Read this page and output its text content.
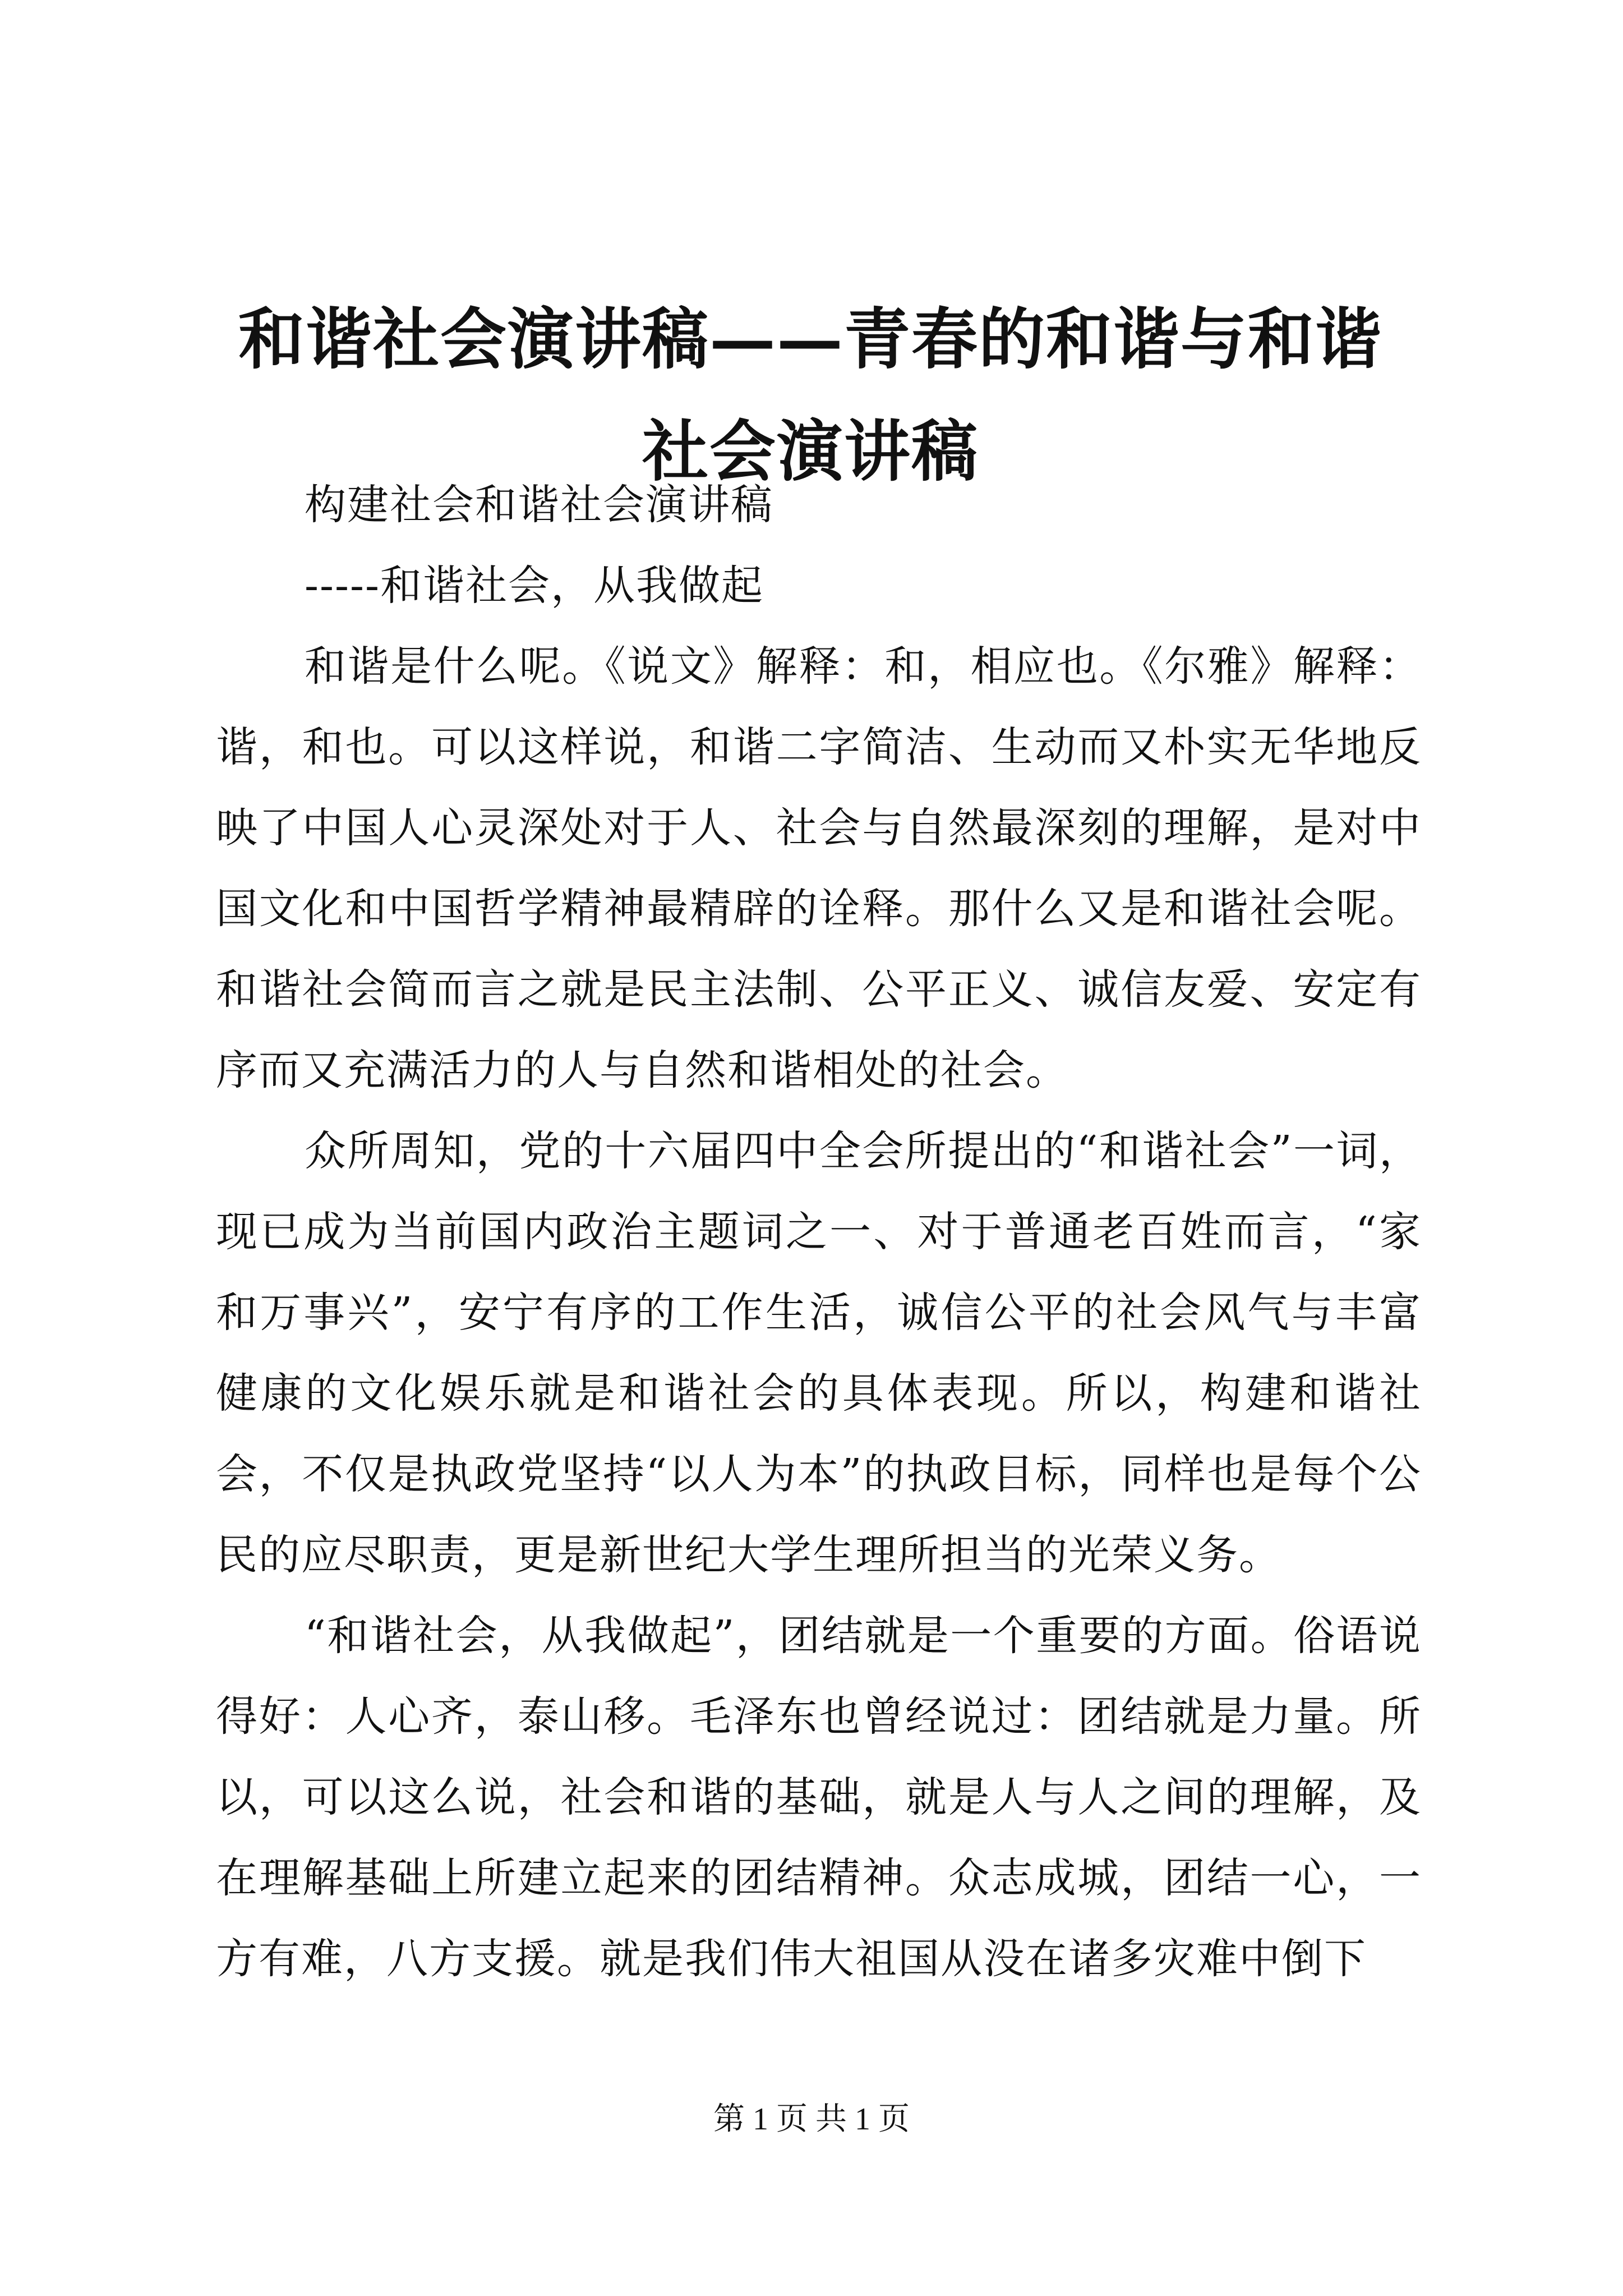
和谐社会演讲稿——青春的和谐与和谐社会演讲稿

构建社会和谐社会演讲稿

-----和谐社会，从我做起

和谐是什么呢。《说文》解释：和，相应也。《尔雅》解释：谐，和也。可以这样说，和谐二字简洁、生动而又朴实无华地反映了中国人心灵深处对于人、社会与自然最深刻的理解，是对中国文化和中国哲学精神最精辟的诠释。那什么又是和谐社会呢。和谐社会简而言之就是民主法制、公平正义、诚信友爱、安定有序而又充满活力的人与自然和谐相处的社会。

众所周知，党的十六届四中全会所提出的“和谐社会”一词，现已成为当前国内政治主题词之一、对于普通老百姓而言，“家和万事兴”，安宁有序的工作生活，诚信公平的社会风气与丰富健康的文化娱乐就是和谐社会的具体表现。所以，构建和谐社会，不仅是执政党坚持“以人为本”的执政目标，同样也是每个公民的应尽职责，更是新世纪大学生理所担当的光荣义务。

“和谐社会，从我做起”，团结就是一个重要的方面。俗语说得好：人心齐，泰山移。毛泽东也曾经说过：团结就是力量。所以，可以这么说，社会和谐的基础，就是人与人之间的理解，及在理解基础上所建立起来的团结精神。众志成城，团结一心，一方有难，八方支援。就是我们伟大祖国从没在诸多灾难中倒下

第 1 页 共 1 页
